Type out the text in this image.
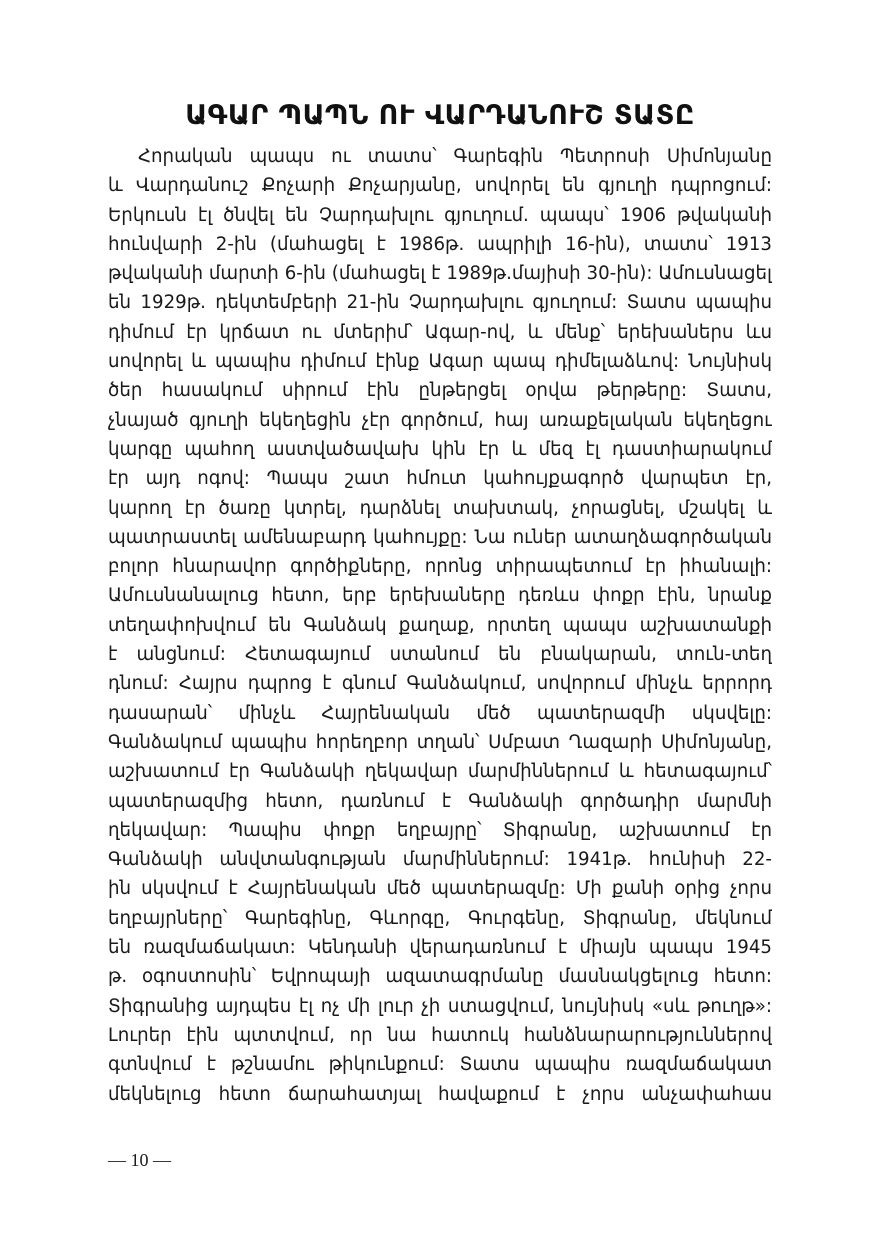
ԱԳԱՐ ՊԱՊՆ ՈՒ ՎԱՐԴԱՆՈՒՇ ՏԱՏԸ
Հորական պապս ու տատս՝ Գարեգին Պետրոսի Սիմոնյանը
և Վարդանուշ Քոչարի Քոչարյանը, սովորել են գյուղի դպրոցում:
Երկուսն էլ ծնվել են Չարդախլու գյուղում. պապս՝ 1906 թվականի
հունվարի 2-ին (մահացել է 1986թ. ապրիլի 16-ին), տատս՝ 1913
թվականի մարտի 6-ին (մահացել է 1989թ.մայիսի 30-ին): Ամուսնացել
են 1929թ. դեկտեմբերի 21-ին Չարդախլու գյուղում: Տատս պապիս
դիմում էր կրճատ ու մտերիմ՝ Ագար-ով, և մենք՝ երեխաներս ևս
սովորել և պապիս դիմում էինք Ագար պապ դիմելաձևով: Նույնիսկ
ծեր հասակում սիրում էին ընթերցել օրվա թերթերը: Տատս,
չնայած գյուղի եկեղեցին չէր գործում, հայ առաքելական եկեղեցու
կարգը պահող աստվածավախ կին էր և մեզ էլ դաստիարակում
էր այդ ոգով: Պապս շատ հմուտ կահույքագործ վարպետ էր,
կարող էր ծառը կտրել, դարձնել տախտակ, չորացնել, մշակել և
պատրաստել ամենաբարդ կահույքը: Նա ուներ ատաղձագործական
բոլոր հնարավոր գործիքները, որոնց տիրապետում էր իհանալի:
Ամուսնանալուց հետո, երբ երեխաները դեռևս փոքր էին, նրանք
տեղափոխվում են Գանձակ քաղաք, որտեղ պապս աշխատանքի
է անցնում: Հետագայում ստանում են բնակարան, տուն-տեղ
դնում: Հայրս դպրոց է գնում Գանձակում, սովորում մինչև երրորդ
դասարան՝ մինչև Հայրենական մեծ պատերազմի սկսվելը:
Գանձակում պապիս հորեղբոր տղան՝ Սմբատ Ղազարի Սիմոնյանը,
աշխատում էր Գանձակի ղեկավար մարմիններում և հետագայում՝
պատերազմից հետո, դառնում է Գանձակի գործադիր մարմնի
ղեկավար: Պապիս փոքր եղբայրը՝ Տիգրանը, աշխատում էր
Գանձակի անվտանգության մարմիններում: 1941թ. հունիսի 22-
ին սկսվում է Հայրենական մեծ պատերազմը: Մի քանի օրից չորս
եղբայրները՝ Գարեգինը, Գևորգը, Գուրգենը, Տիգրանը, մեկնում
են ռազմաճակատ: Կենդանի վերադառնում է միայն պապս 1945
թ. օգոստոսին՝ Եվրոպայի ազատագրմանը մասնակցելուց հետո:
Տիգրանից այդպես էլ ոչ մի լուր չի ստացվում, նույնիսկ «սև թուղթ»:
Լուրեր էին պտտվում, որ նա հատուկ հանձնարարություններով
գտնվում է թշնամու թիկունքում: Տատս պապիս ռազմաճակատ
մեկնելուց հետո ճարահատյալ հավաքում է չորս անչափահաս
— 10 —
